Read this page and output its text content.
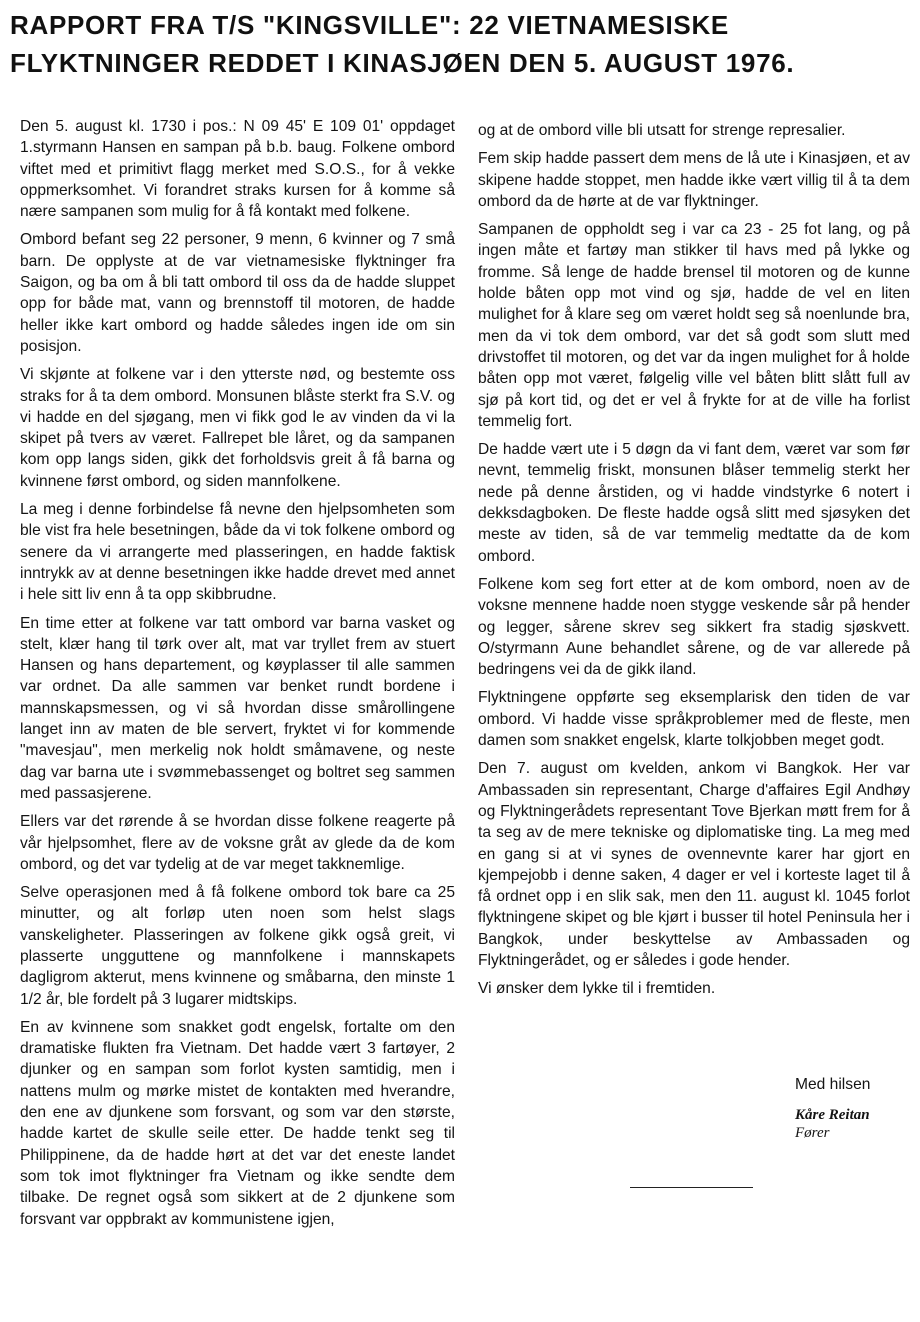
RAPPORT FRA T/S "KINGSVILLE": 22 VIETNAMESISKE FLYKTNINGER REDDET I KINASJØEN DEN 5. AUGUST 1976.

Den 5. august kl. 1730 i pos.: N 09 45' E 109 01' oppdaget 1.styrmann Hansen en sampan på b.b. baug. Folkene ombord viftet med et primitivt flagg merket med S.O.S., for å vekke oppmerksomhet. Vi forandret straks kursen for å komme så nære sampanen som mulig for å få kontakt med folkene.

Ombord befant seg 22 personer, 9 menn, 6 kvinner og 7 små barn. De opplyste at de var vietnamesiske flyktninger fra Saigon, og ba om å bli tatt ombord til oss da de hadde sluppet opp for både mat, vann og brennstoff til motoren, de hadde heller ikke kart ombord og hadde således ingen ide om sin posisjon.

Vi skjønte at folkene var i den ytterste nød, og bestemte oss straks for å ta dem ombord. Monsunen blåste sterkt fra S.V. og vi hadde en del sjøgang, men vi fikk god le av vinden da vi la skipet på tvers av været. Fallrepet ble låret, og da sampanen kom opp langs siden, gikk det forholdsvis greit å få barna og kvinnene først ombord, og siden mannfolkene.

La meg i denne forbindelse få nevne den hjelpsomheten som ble vist fra hele besetningen, både da vi tok folkene ombord og senere da vi arrangerte med plasseringen, en hadde faktisk inntrykk av at denne besetningen ikke hadde drevet med annet i hele sitt liv enn å ta opp skibbrudne.

En time etter at folkene var tatt ombord var barna vasket og stelt, klær hang til tørk over alt, mat var tryllet frem av stuert Hansen og hans departement, og køyplasser til alle sammen var ordnet. Da alle sammen var benket rundt bordene i mannskapsmessen, og vi så hvordan disse smårollingene langet inn av maten de ble servert, fryktet vi for kommende "mavesjau", men merkelig nok holdt småmavene, og neste dag var barna ute i svømmebassenget og boltret seg sammen med passasjerene.

Ellers var det rørende å se hvordan disse folkene reagerte på vår hjelpsomhet, flere av de voksne gråt av glede da de kom ombord, og det var tydelig at de var meget takknemlige.

Selve operasjonen med å få folkene ombord tok bare ca 25 minutter, og alt forløp uten noen som helst slags vanskeligheter. Plasseringen av folkene gikk også greit, vi plasserte ungguttene og mannfolkene i mannskapets dagligrom akterut, mens kvinnene og småbarna, den minste 1 1/2 år, ble fordelt på 3 lugarer midtskips.

En av kvinnene som snakket godt engelsk, fortalte om den dramatiske flukten fra Vietnam. Det hadde vært 3 fartøyer, 2 djunker og en sampan som forlot kysten samtidig, men i nattens mulm og mørke mistet de kontakten med hverandre, den ene av djunkene som forsvant, og som var den største, hadde kartet de skulle seile etter. De hadde tenkt seg til Philippinene, da de hadde hørt at det var det eneste landet som tok imot flyktninger fra Vietnam og ikke sendte dem tilbake. De regnet også som sikkert at de 2 djunkene som forsvant var oppbrakt av kommunistene igjen,

og at de ombord ville bli utsatt for strenge represalier.

Fem skip hadde passert dem mens de lå ute i Kinasjøen, et av skipene hadde stoppet, men hadde ikke vært villig til å ta dem ombord da de hørte at de var flyktninger.

Sampanen de oppholdt seg i var ca 23 - 25 fot lang, og på ingen måte et fartøy man stikker til havs med på lykke og fromme. Så lenge de hadde brensel til motoren og de kunne holde båten opp mot vind og sjø, hadde de vel en liten mulighet for å klare seg om været holdt seg så noenlunde bra, men da vi tok dem ombord, var det så godt som slutt med drivstoffet til motoren, og det var da ingen mulighet for å holde båten opp mot været, følgelig ville vel båten blitt slått full av sjø på kort tid, og det er vel å frykte for at de ville ha forlist temmelig fort.

De hadde vært ute i 5 døgn da vi fant dem, været var som før nevnt, temmelig friskt, monsunen blåser temmelig sterkt her nede på denne årstiden, og vi hadde vindstyrke 6 notert i dekksdagboken. De fleste hadde også slitt med sjøsyken det meste av tiden, så de var temmelig medtatte da de kom ombord.

Folkene kom seg fort etter at de kom ombord, noen av de voksne mennene hadde noen stygge veskende sår på hender og legger, sårene skrev seg sikkert fra stadig sjøskvett. O/styrmann Aune behandlet sårene, og de var allerede på bedringens vei da de gikk iland.

Flyktningene oppførte seg eksemplarisk den tiden de var ombord. Vi hadde visse språkproblemer med de fleste, men damen som snakket engelsk, klarte tolkjobben meget godt.

Den 7. august om kvelden, ankom vi Bangkok. Her var Ambassaden sin representant, Charge d'affaires Egil Andhøy og Flyktningerådets representant Tove Bjerkan møtt frem for å ta seg av de mere tekniske og diplomatiske ting. La meg med en gang si at vi synes de ovennevnte karer har gjort en kjempejobb i denne saken, 4 dager er vel i korteste laget til å få ordnet opp i en slik sak, men den 11. august kl. 1045 forlot flyktningene skipet og ble kjørt i busser til hotel Peninsula her i Bangkok, under beskyttelse av Ambassaden og Flyktningerådet, og er således i gode hender.

Vi ønsker dem lykke til i fremtiden.

Med hilsen
Kåre Reitan
Fører
